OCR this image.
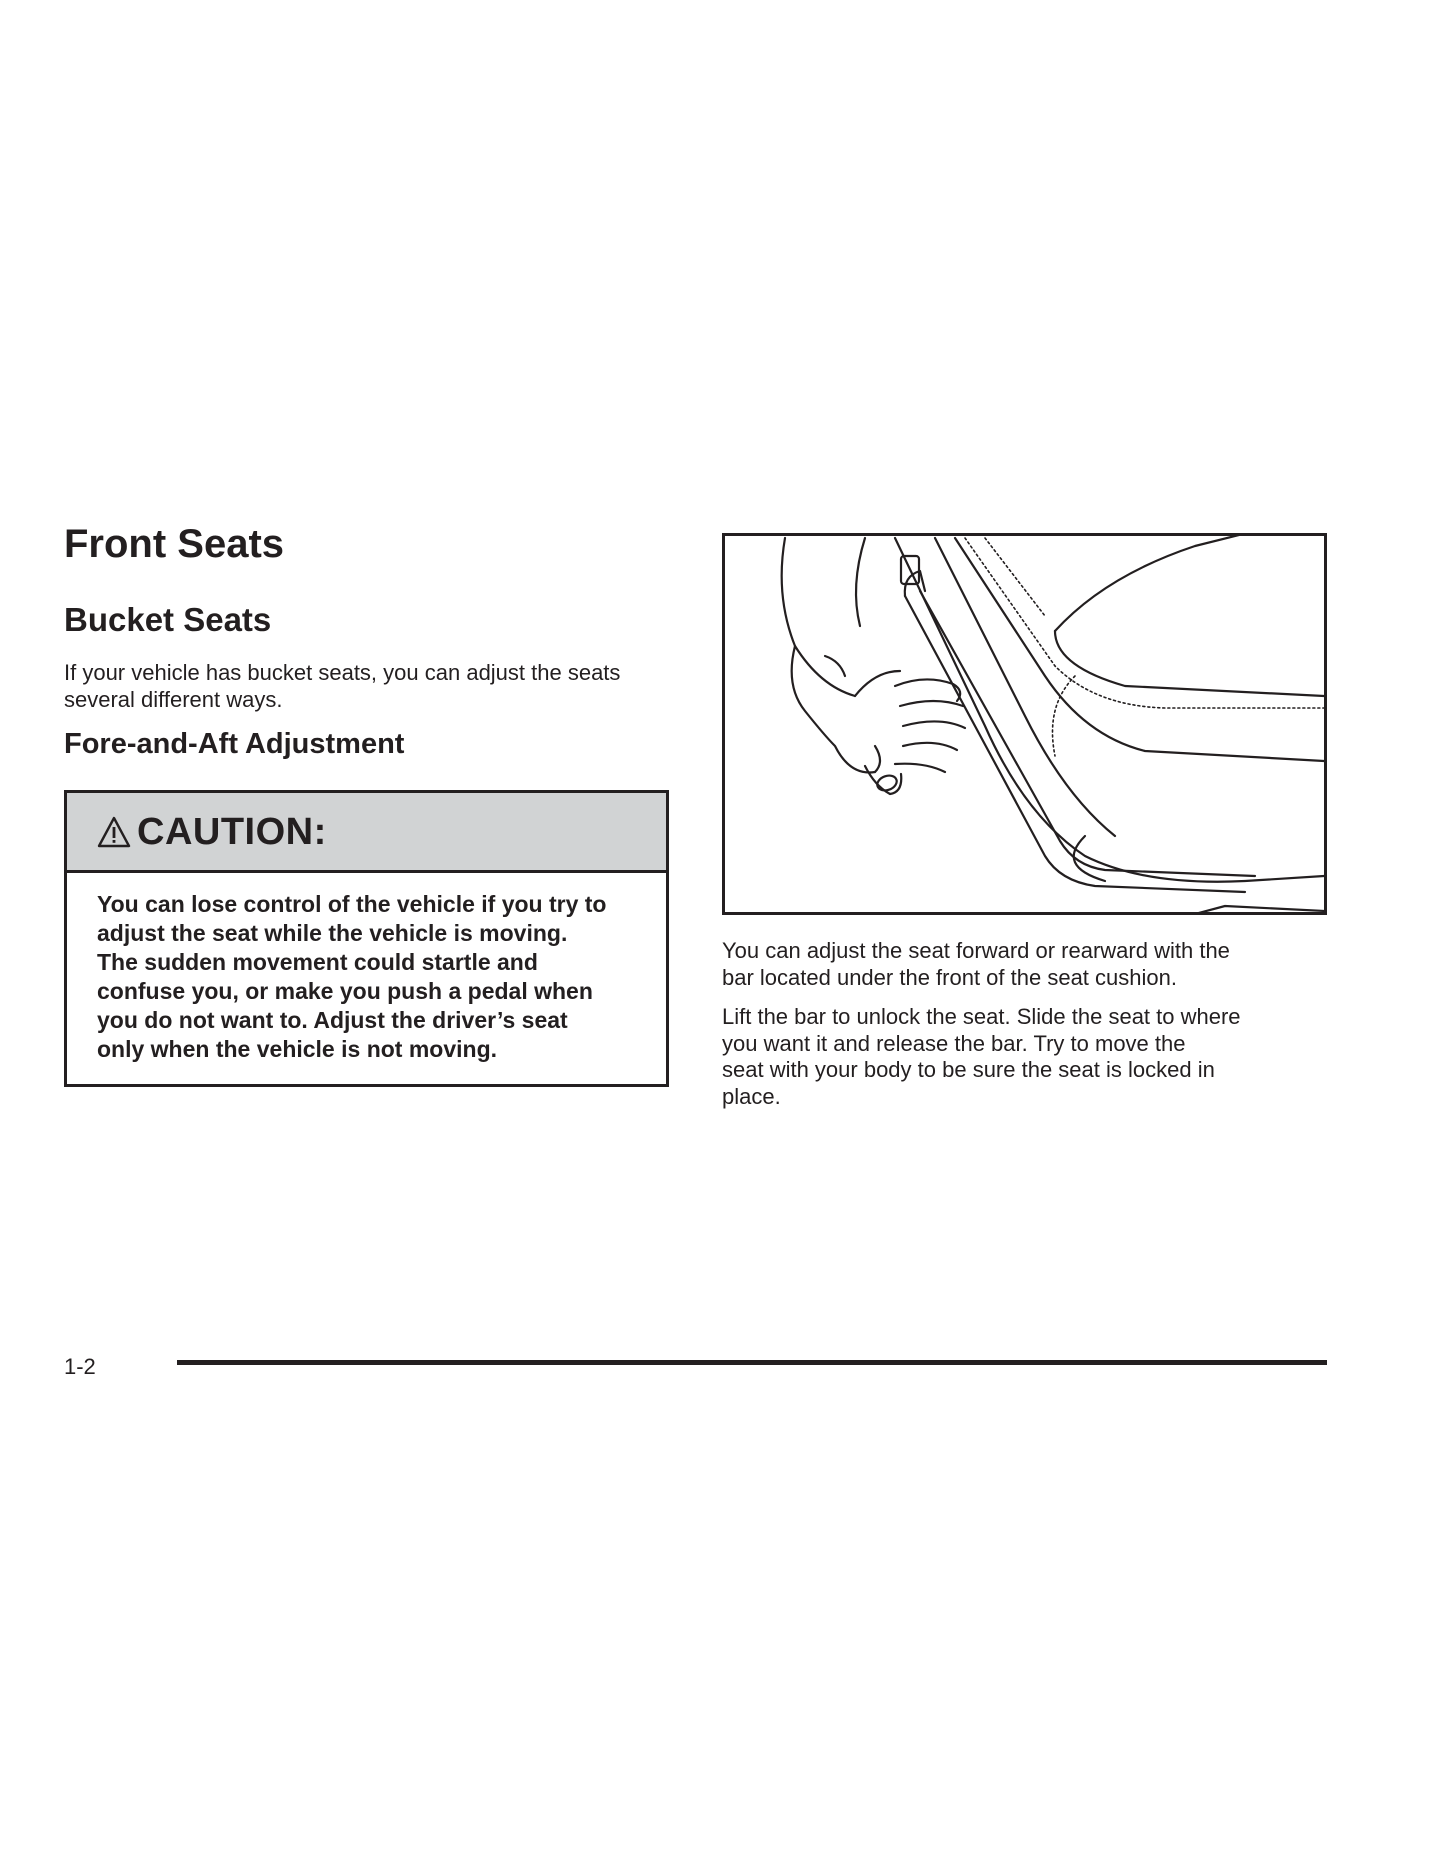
Front Seats
Bucket Seats

If your vehicle has bucket seats, you can adjust the seats several different ways.

Fore-and-Aft Adjustment
CAUTION:
You can lose control of the vehicle if you try to
adjust the seat while the vehicle is moving.
The sudden movement could startle and
confuse you, or make you push a pedal when
you do not want to. Adjust the driver’s seat
only when the vehicle is not moving.
You can adjust the seat forward or rearward with the
bar located under the front of the seat cushion.
Lift the bar to unlock the seat. Slide the seat to where
you want it and release the bar. Try to move the
seat with your body to be sure the seat is locked in
place.
1-2
